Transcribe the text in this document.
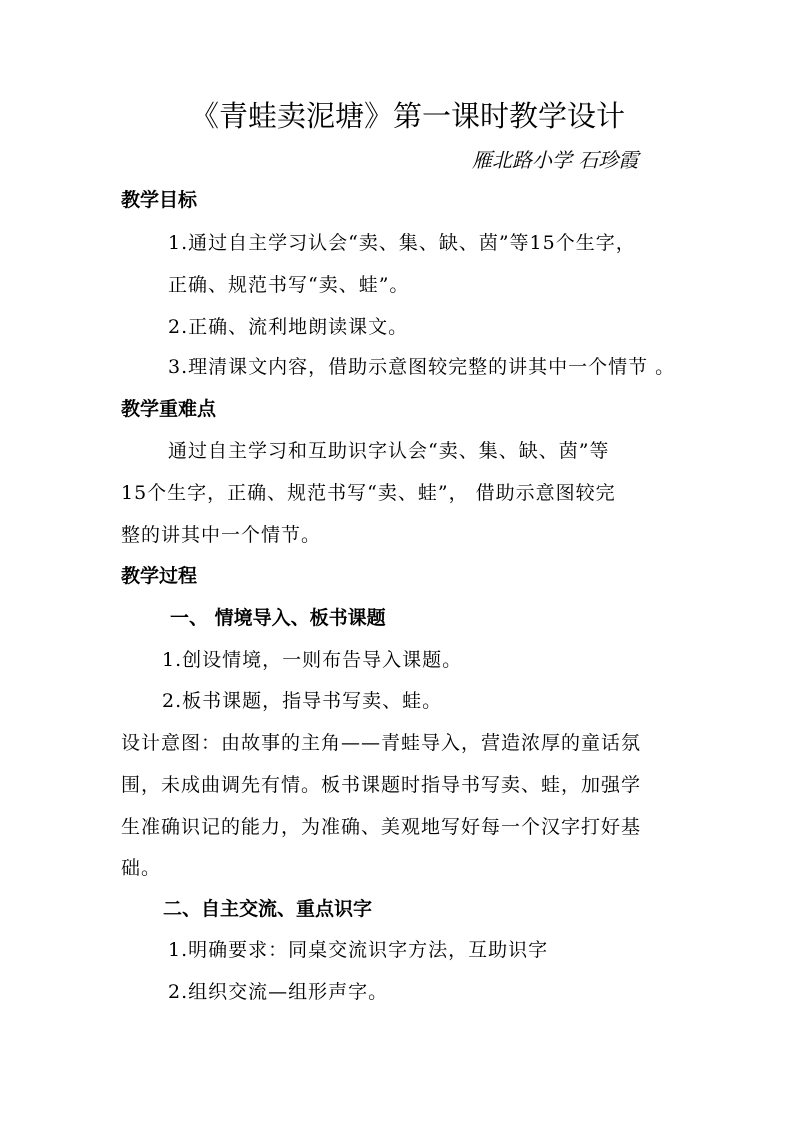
《青蛙卖泥塘》第一课时教学设计
雁北路小学 石珍霞
教学目标
1.通过自主学习认会“卖、集、缺、茵”等15个生字，
正确、规范书写“卖、蛙”。
2.正确、流利地朗读课文。
3.理清课文内容，借助示意图较完整的讲其中一个情节 。
教学重难点
通过自主学习和互助识字认会“卖、集、缺、茵”等
15个生字，正确、规范书写“卖、蛙”， 借助示意图较完
整的讲其中一个情节。
教学过程
一、 情境导入、板书课题
1.创设情境，一则布告导入课题。
2.板书课题，指导书写卖、蛙。
设计意图：由故事的主角——青蛙导入，营造浓厚的童话氛
围，未成曲调先有情。板书课题时指导书写卖、蛙，加强学
生准确识记的能力，为准确、美观地写好每一个汉字打好基
础。
二、自主交流、重点识字
1.明确要求：同桌交流识字方法，互助识字
2.组织交流—组形声字。
